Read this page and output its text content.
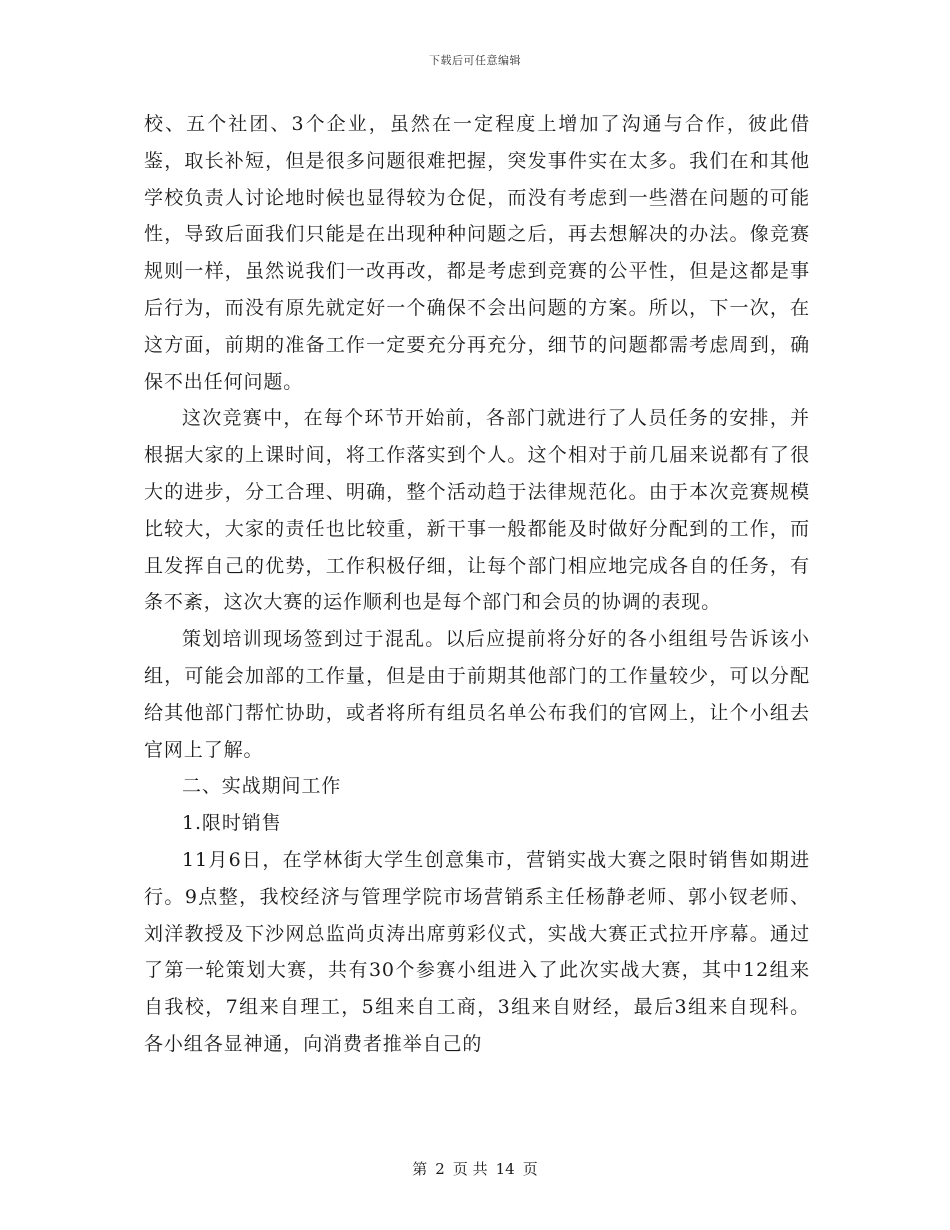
下载后可任意编辑

校、五个社团、3个企业，虽然在一定程度上增加了沟通与合作，彼此借鉴，取长补短，但是很多问题很难把握，突发事件实在太多。我们在和其他学校负责人讨论地时候也显得较为仓促，而没有考虑到一些潜在问题的可能性，导致后面我们只能是在出现种种问题之后，再去想解决的办法。像竞赛规则一样，虽然说我们一改再改，都是考虑到竞赛的公平性，但是这都是事后行为，而没有原先就定好一个确保不会出问题的方案。所以，下一次，在这方面，前期的准备工作一定要充分再充分，细节的问题都需考虑周到，确保不出任何问题。

这次竞赛中，在每个环节开始前，各部门就进行了人员任务的安排，并根据大家的上课时间，将工作落实到个人。这个相对于前几届来说都有了很大的进步，分工合理、明确，整个活动趋于法律规范化。由于本次竞赛规模比较大，大家的责任也比较重，新干事一般都能及时做好分配到的工作，而且发挥自己的优势，工作积极仔细，让每个部门相应地完成各自的任务，有条不紊，这次大赛的运作顺利也是每个部门和会员的协调的表现。

策划培训现场签到过于混乱。以后应提前将分好的各小组组号告诉该小组，可能会加部的工作量，但是由于前期其他部门的工作量较少，可以分配给其他部门帮忙协助，或者将所有组员名单公布我们的官网上，让个小组去官网上了解。

二、实战期间工作

1.限时销售

11月6日，在学林街大学生创意集市，营销实战大赛之限时销售如期进行。9点整，我校经济与管理学院市场营销系主任杨静老师、郭小钗老师、刘洋教授及下沙网总监尚贞涛出席剪彩仪式，实战大赛正式拉开序幕。通过了第一轮策划大赛，共有30个参赛小组进入了此次实战大赛，其中12组来自我校，7组来自理工，5组来自工商，3组来自财经，最后3组来自现科。各小组各显神通，向消费者推举自己的

第 2 页 共 14 页
